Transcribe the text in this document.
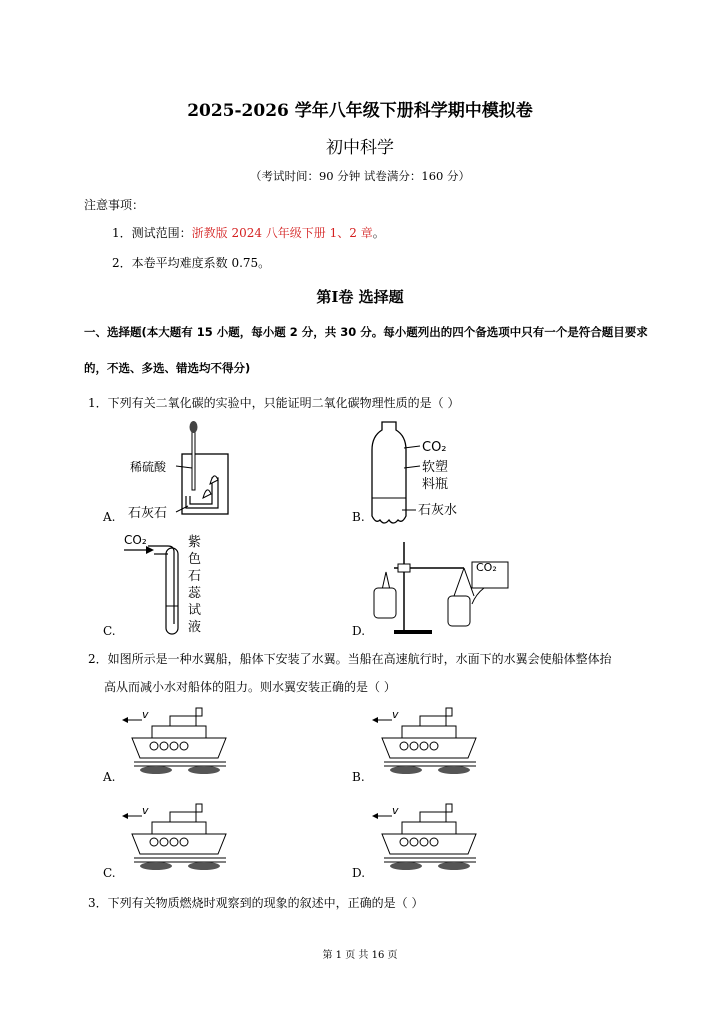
2025-2026 学年八年级下册科学期中模拟卷
初中科学
（考试时间：90 分钟 试卷满分：160 分）
注意事项：
1．测试范围：浙教版 2024 八年级下册 1、2 章。
2．本卷平均难度系数 0.75。
第Ⅰ卷 选择题
一、选择题(本大题有 15 小题，每小题 2 分，共 30 分。每小题列出的四个备选项中只有一个是符合题目要求
的，不选、多选、错选均不得分)
1．下列有关二氧化碳的实验中，只能证明二氧化碳物理性质的是（ ）
稀硫酸
石灰石
A.
CO₂
软塑
料瓶
石灰水
B.
CO₂	紫
色
石
蕊
试
液
C.
CO₂
D.
2．如图所示是一种水翼船，船体下安装了水翼。当船在高速航行时，水面下的水翼会使船体整体抬
高从而减小水对船体的阻力。则水翼安装正确的是（ ）
v
A.
v
B.
v
C.
v
D.
3．下列有关物质燃烧时观察到的现象的叙述中，正确的是（ ）
第 1 页 共 16 页
